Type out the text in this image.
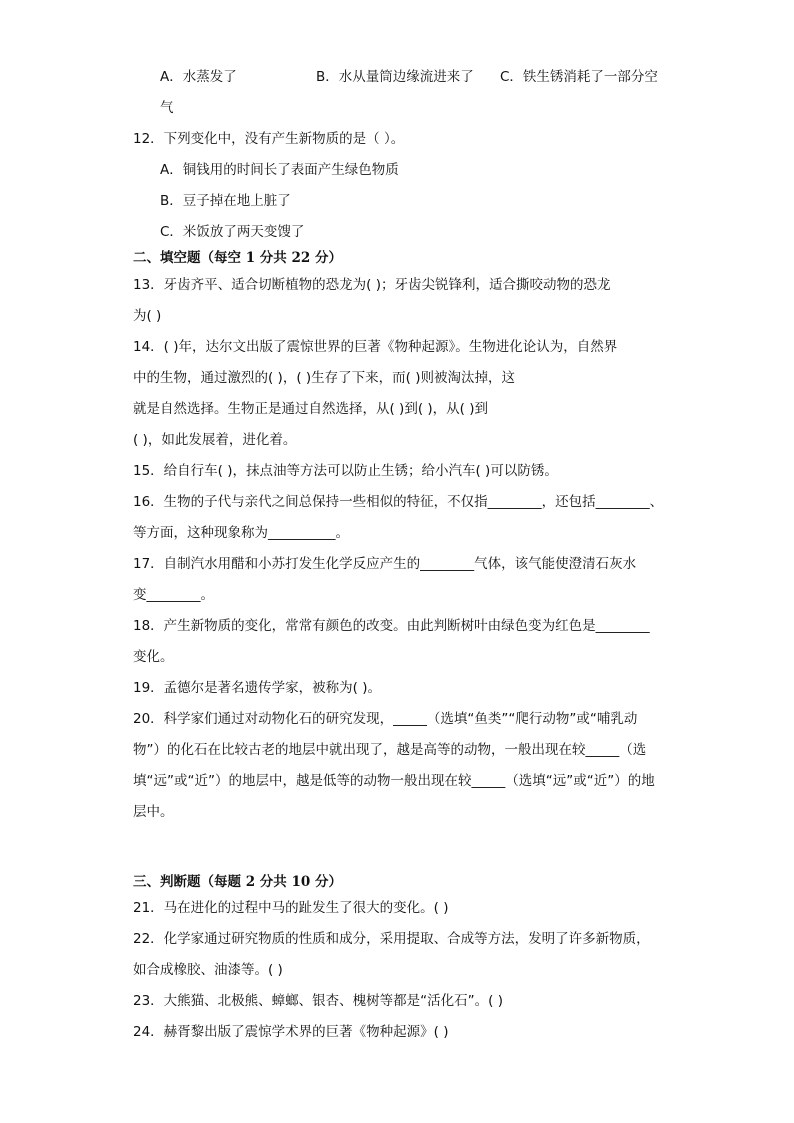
A．水蒸发了	B．水从量筒边缘流进来了 C．铁生锈消耗了一部分空
气
12．下列变化中，没有产生新物质的是（ ）。
A．铜钱用的时间长了表面产生绿色物质
B．豆子掉在地上脏了
C．米饭放了两天变馊了
二、填空题（每空 1 分共 22 分）
13．牙齿齐平、适合切断植物的恐龙为( )；牙齿尖锐锋利，适合撕咬动物的恐龙
为( )
14．( )年，达尔文出版了震惊世界的巨著《物种起源》。生物进化论认为，自然界
中的生物，通过激烈的( )，( )生存了下来，而( )则被淘汰掉，这
就是自然选择。生物正是通过自然选择，从( )到( )，从( )到
( )，如此发展着，进化着。
15．给自行车( )，抹点油等方法可以防止生锈；给小汽车( )可以防锈。
16．生物的子代与亲代之间总保持一些相似的特征，不仅指________，还包括________、
等方面，这种现象称为__________。
17．自制汽水用醋和小苏打发生化学反应产生的________气体，该气能使澄清石灰水
变________。
18．产生新物质的变化，常常有颜色的改变。由此判断树叶由绿色变为红色是________
变化。
19．孟德尔是著名遗传学家，被称为( )。
20．科学家们通过对动物化石的研究发现，_____（选填“鱼类”“爬行动物”或“哺乳动
物”）的化石在比较古老的地层中就出现了，越是高等的动物，一般出现在较_____（选
填“远”或“近”）的地层中，越是低等的动物一般出现在较_____（选填“远”或“近”）的地
层中。
三、判断题（每题 2 分共 10 分）
21．马在进化的过程中马的趾发生了很大的变化。( )
22．化学家通过研究物质的性质和成分，采用提取、合成等方法，发明了许多新物质，
如合成橡胶、油漆等。( )
23．大熊猫、北极熊、蟑螂、银杏、槐树等都是“活化石”。( )
24．赫胥黎出版了震惊学术界的巨著《物种起源》( )
